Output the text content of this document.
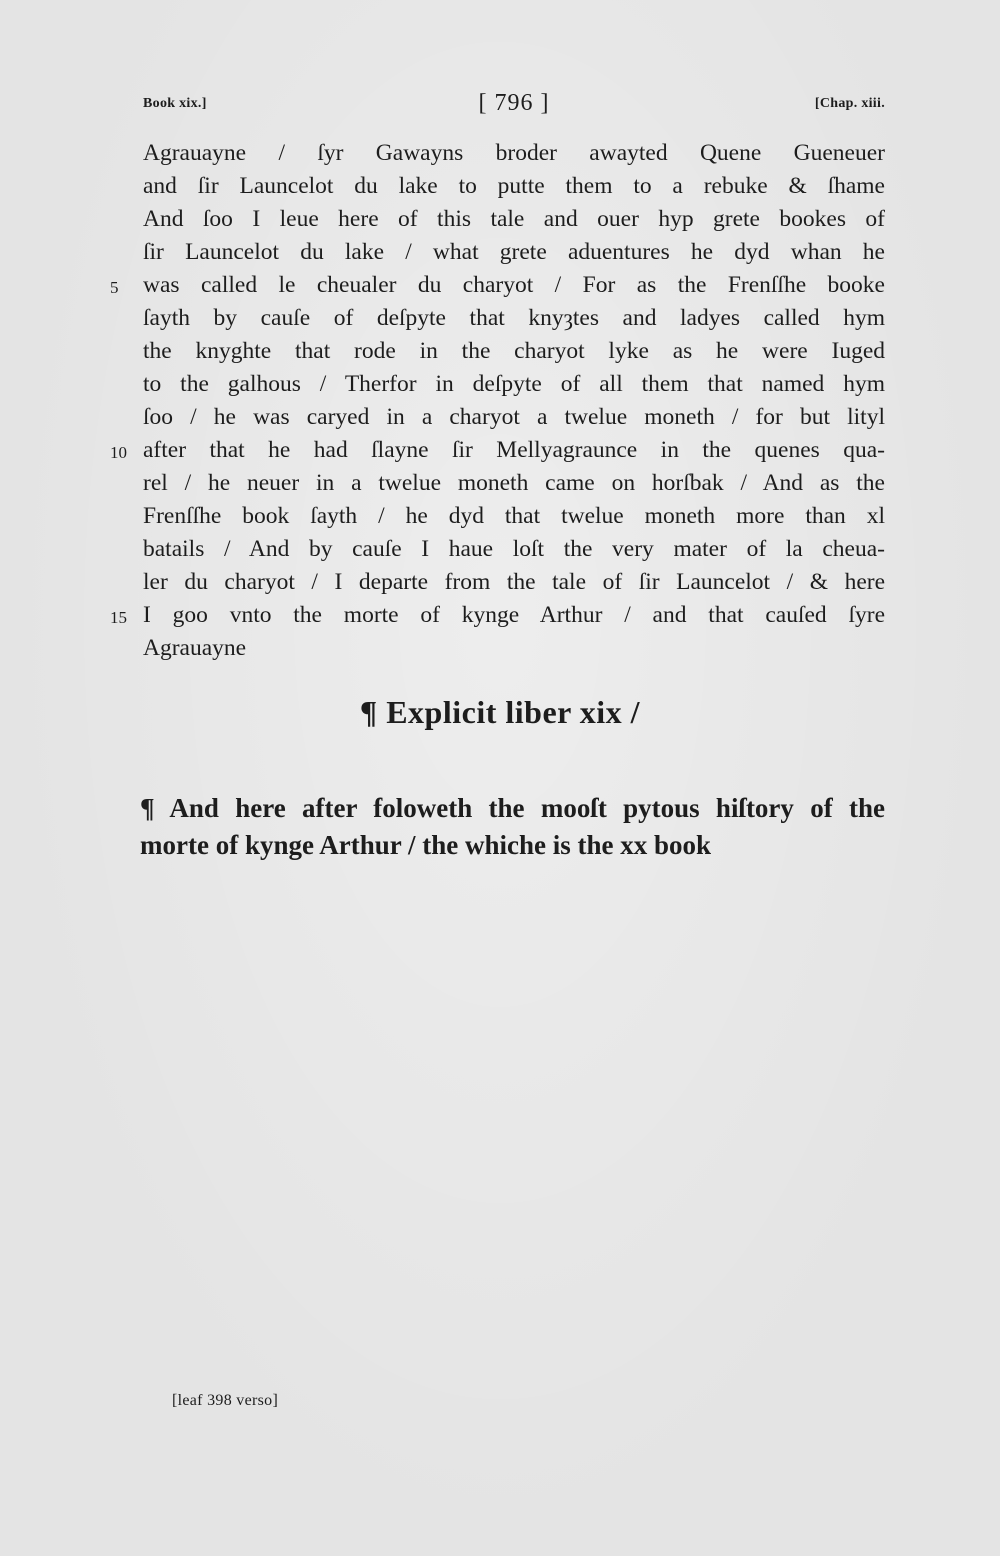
Book xix.]	[ 796 ]	[Chap. xiii.
Agrauayne / ſyr Gawayns broder awayted Quene Gueneuer
and ſir Launcelot du lake to putte them to a rebuke & ſhame
And ſoo I leue here of this tale and ouer hyp grete bookes of
ſir Launcelot du lake / what grete aduentures he dyd whan he
5	was called le cheualer du charyot / For as the Frenſſhe booke
ſayth by cauſe of deſpyte that knyȝtes and ladyes called hym
the knyghte that rode in the charyot lyke as he were Iuged
to the galhous / Therfor in deſpyte of all them that named hym
ſoo / he was caryed in a charyot a twelue moneth / for but lityl
10 after that he had ſlayne ſir Mellyagraunce in the quenes qua-
rel / he neuer in a twelue moneth came on horſbak / And as the
Frenſſhe book ſayth / he dyd that twelue moneth more than xl
batails / And by cauſe I haue loſt the very mater of la cheua-
ler du charyot / I departe from the tale of ſir Launcelot / & here
15 I goo vnto the morte of kynge Arthur / and that cauſed ſyre
Agrauayne
¶ Explicit liber xix /
¶ And here after foloweth the mooſt pytous hiſtory of the
morte of kynge Arthur / the whiche is the xx book
[leaf 398 verso]
